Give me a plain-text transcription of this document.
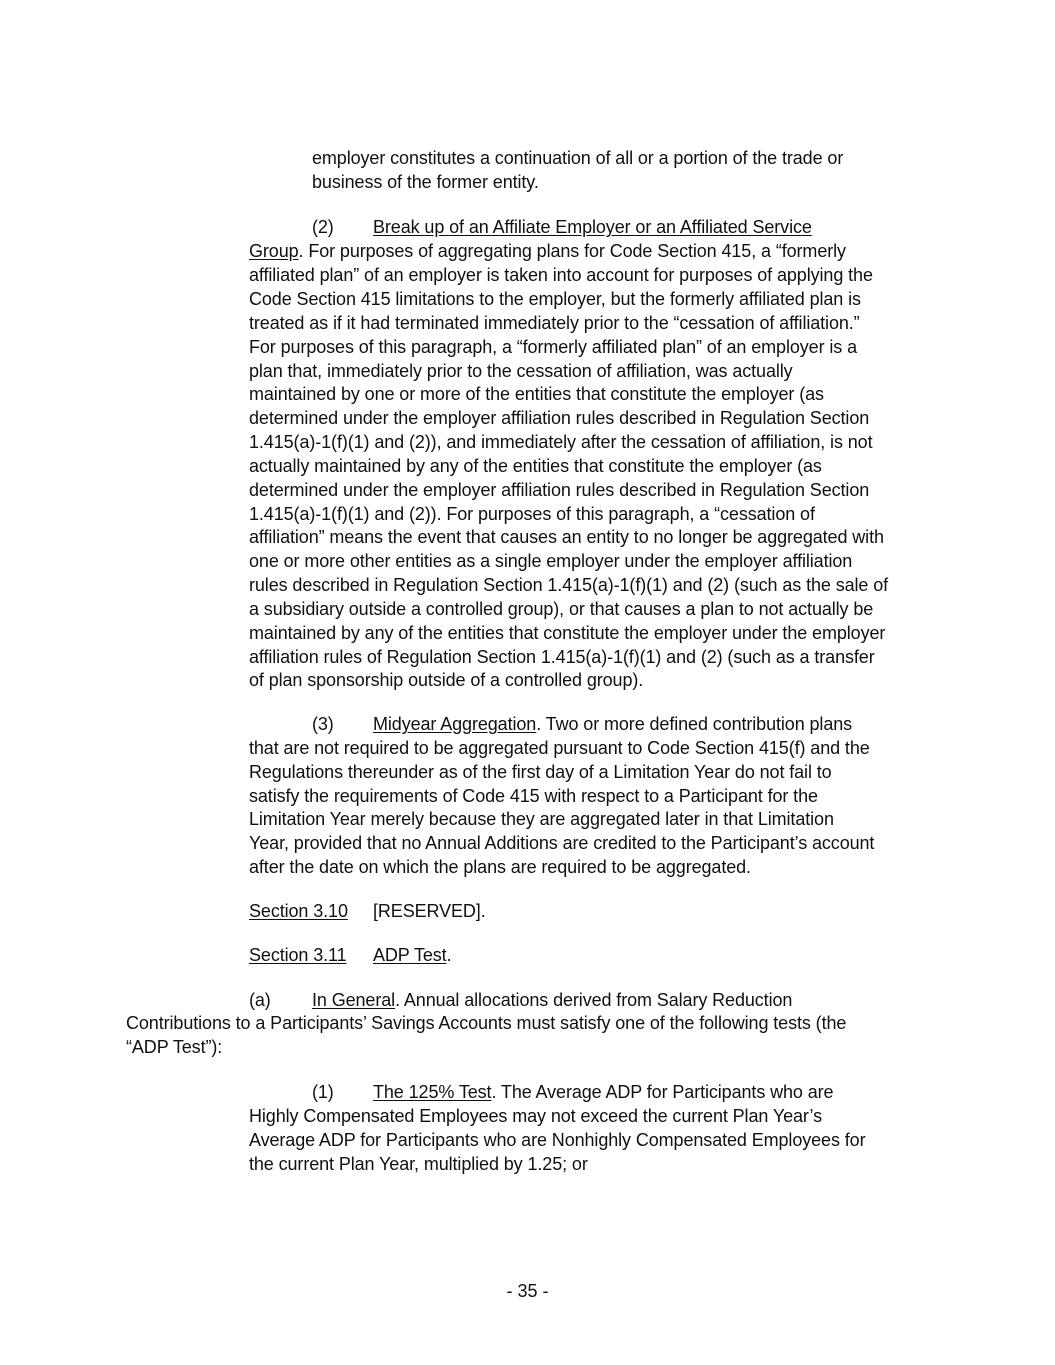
employer constitutes a continuation of all or a portion of the trade or
business of the former entity.
(2) Break up of an Affiliate Employer or an Affiliated Service
Group. For purposes of aggregating plans for Code Section 415, a “formerly
affiliated plan” of an employer is taken into account for purposes of applying the
Code Section 415 limitations to the employer, but the formerly affiliated plan is
treated as if it had terminated immediately prior to the “cessation of affiliation.”
For purposes of this paragraph, a “formerly affiliated plan” of an employer is a
plan that, immediately prior to the cessation of affiliation, was actually
maintained by one or more of the entities that constitute the employer (as
determined under the employer affiliation rules described in Regulation Section
1.415(a)-1(f)(1) and (2)), and immediately after the cessation of affiliation, is not
actually maintained by any of the entities that constitute the employer (as
determined under the employer affiliation rules described in Regulation Section
1.415(a)-1(f)(1) and (2)). For purposes of this paragraph, a “cessation of
affiliation” means the event that causes an entity to no longer be aggregated with
one or more other entities as a single employer under the employer affiliation
rules described in Regulation Section 1.415(a)-1(f)(1) and (2) (such as the sale of
a subsidiary outside a controlled group), or that causes a plan to not actually be
maintained by any of the entities that constitute the employer under the employer
affiliation rules of Regulation Section 1.415(a)-1(f)(1) and (2) (such as a transfer
of plan sponsorship outside of a controlled group).
(3) Midyear Aggregation. Two or more defined contribution plans
that are not required to be aggregated pursuant to Code Section 415(f) and the
Regulations thereunder as of the first day of a Limitation Year do not fail to
satisfy the requirements of Code 415 with respect to a Participant for the
Limitation Year merely because they are aggregated later in that Limitation
Year, provided that no Annual Additions are credited to the Participant’s account
after the date on which the plans are required to be aggregated.
Section 3.10 [RESERVED].
Section 3.11 ADP Test.
(a) In General. Annual allocations derived from Salary Reduction
Contributions to a Participants’ Savings Accounts must satisfy one of the following tests (the
“ADP Test”):
(1) The 125% Test. The Average ADP for Participants who are
Highly Compensated Employees may not exceed the current Plan Year’s
Average ADP for Participants who are Nonhighly Compensated Employees for
the current Plan Year, multiplied by 1.25; or
- 35 -
